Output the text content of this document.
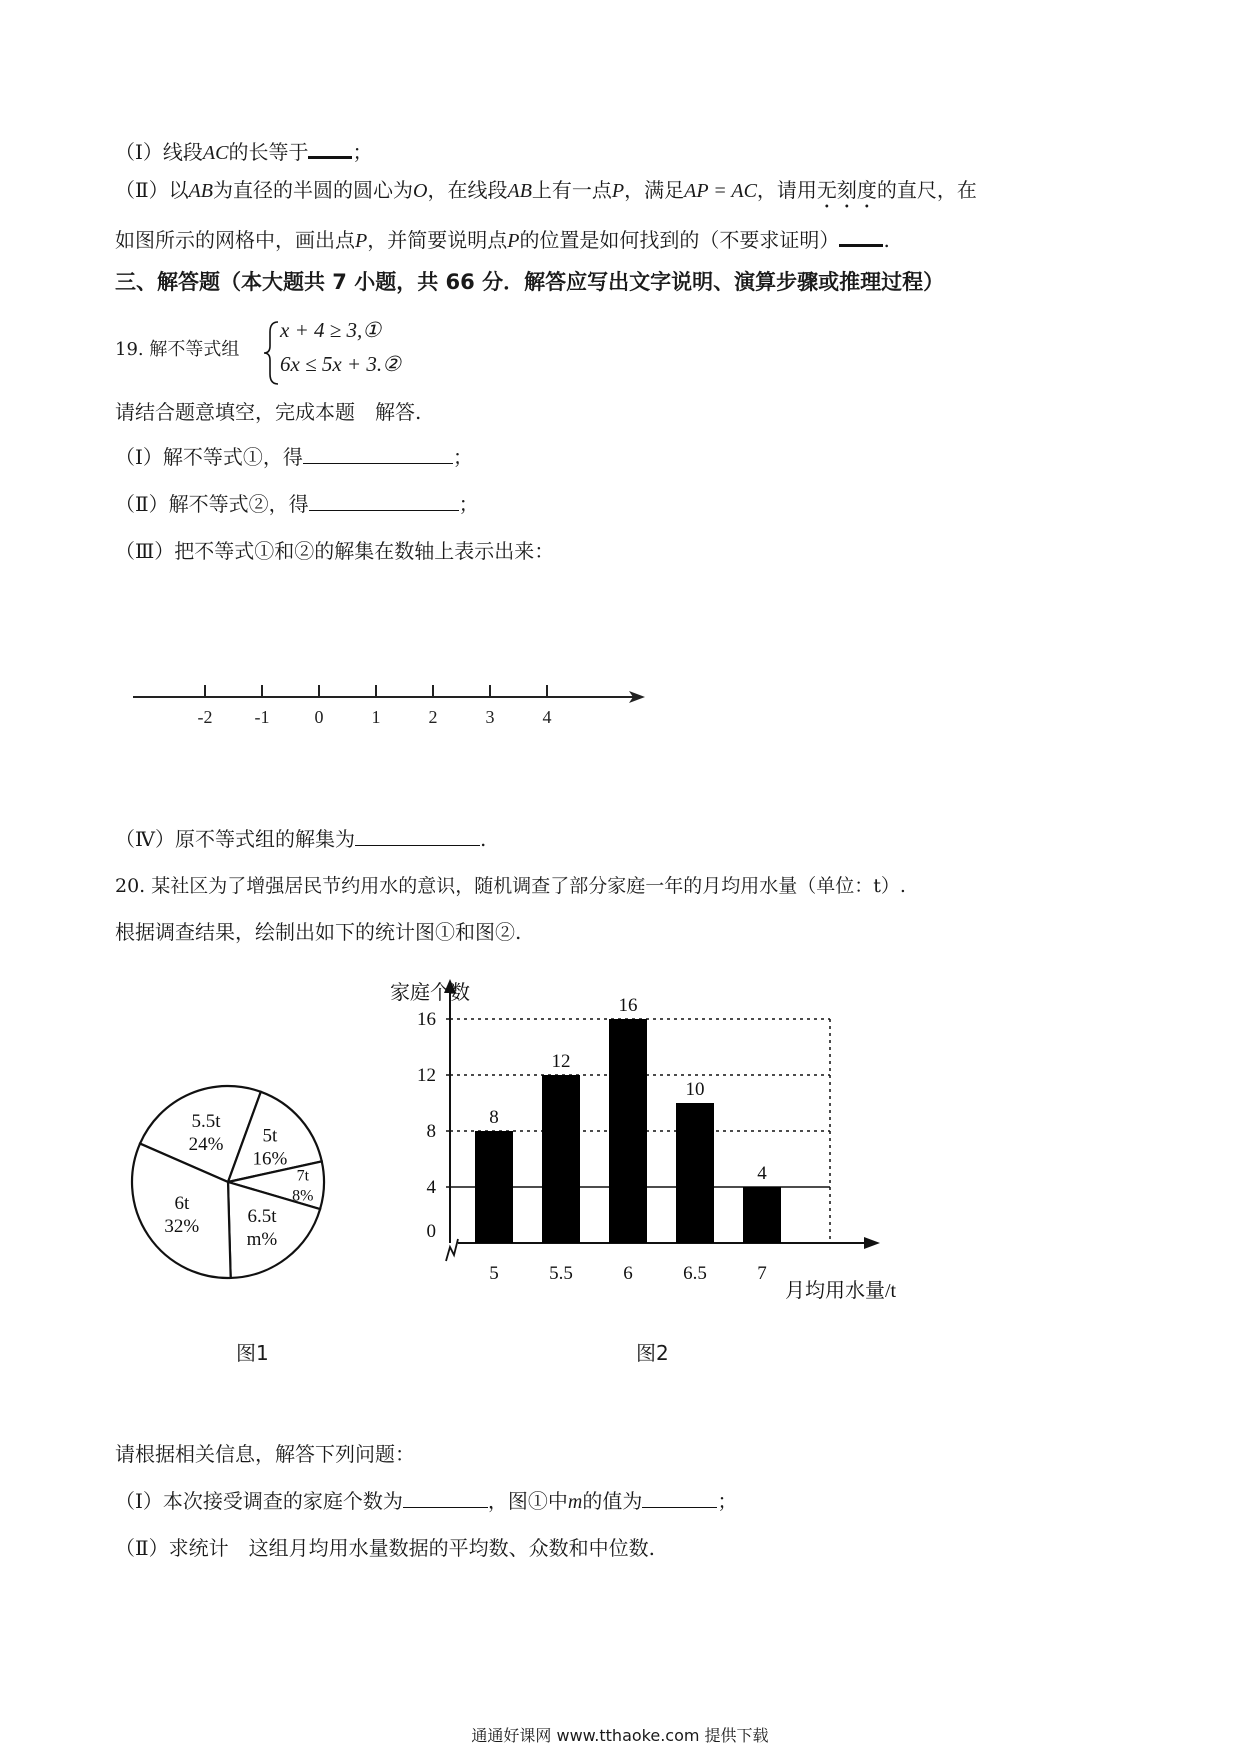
（Ⅰ）线段AC的长等于 ；
（Ⅱ）以AB为直径的半圆的圆心为O，在线段AB上有一点P，满足AP = AC，请用无刻度的直尺，在
如图所示的网格中，画出点P，并简要说明点P的位置是如何找到的（不要求证明） .
三、解答题（本大题共 7 小题，共 66 分．解答应写出文字说明、演算步骤或推理过程）
19. 解不等式组
x + 4 ≥ 3,①
6x ≤ 5x + 3.②
请结合题意填空，完成本题　解答.
（Ⅰ）解不等式①，得	；
（Ⅱ）解不等式②，得	；
（Ⅲ）把不等式①和②的解集在数轴上表示出来：
-2 -1	0	1	2	3	4
（Ⅳ）原不等式组的解集为	.
20. 某社区为了增强居民节约用水的意识，随机调查了部分家庭一年的月均用水量（单位：t）.
根据调查结果，绘制出如下的统计图①和图②.
5.5t
24% 5t
16%
7t
8%
6.5t
m%
6t
32%	0
4
8
12
16
8
5
12
5.5
16
6
10
6.5
4
7
家庭个数
月均用水量/t
图1	图2
请根据相关信息，解答下列问题：
（Ⅰ）本次接受调查的家庭个数为	，图①中m的值为	；
（Ⅱ）求统计　这组月均用水量数据的平均数、众数和中位数.
通通好课网 www.tthaoke.com 提供下载
